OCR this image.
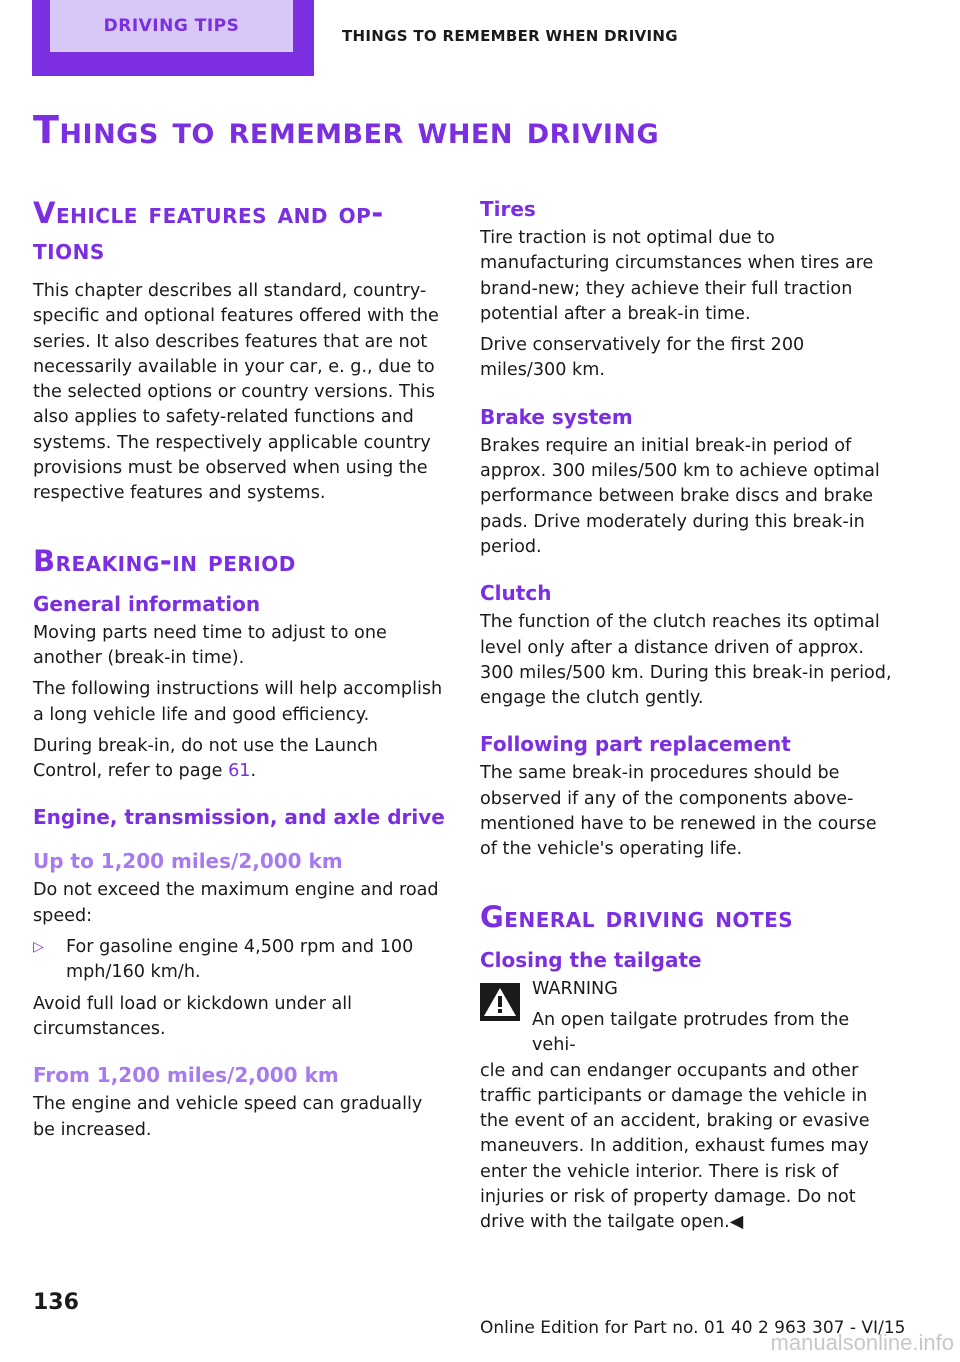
DRIVING TIPS	THINGS TO REMEMBER WHEN DRIVING
Things to remember when driving
Vehicle features and op‐
tions

This chapter describes all standard, country-specific and optional features offered with the series. It also describes features that are not necessarily available in your car, e. g., due to the selected options or country versions. This also applies to safety-related functions and systems. The respectively applicable country provisions must be observed when using the respective features and systems.

Breaking-in period
General information

Moving parts need time to adjust to one another (break-in time).

The following instructions will help accomplish a long vehicle life and good efficiency.

During break-in, do not use the Launch Control, refer to page 61.

Engine, transmission, and axle drive
Up to 1,200 miles/2,000 km

Do not exceed the maximum engine and road speed:

▷	For gasoline engine 4,500 rpm and 100 mph/160 km/h.

Avoid full load or kickdown under all circumstances.

From 1,200 miles/2,000 km

The engine and vehicle speed can gradually be increased.

Tires

Tire traction is not optimal due to manufacturing circumstances when tires are brand-new; they achieve their full traction potential after a break-in time.

Drive conservatively for the first 200 miles/300 km.

Brake system

Brakes require an initial break-in period of approx. 300 miles/500 km to achieve optimal performance between brake discs and brake pads. Drive moderately during this break-in period.

Clutch

The function of the clutch reaches its optimal level only after a distance driven of approx. 300 miles/500 km. During this break-in period, engage the clutch gently.

Following part replacement

The same break-in procedures should be observed if any of the components above-mentioned have to be renewed in the course of the vehicle's operating life.

General driving notes
Closing the tailgate
WARNING
An open tailgate protrudes from the vehi‐
cle and can endanger occupants and other traffic participants or damage the vehicle in the event of an accident, braking or evasive maneuvers. In addition, exhaust fumes may enter the vehicle interior. There is risk of injuries or risk of property damage. Do not drive with the tailgate open.◀
136
Online Edition for Part no. 01 40 2 963 307 - VI/15
manualsonline.info
